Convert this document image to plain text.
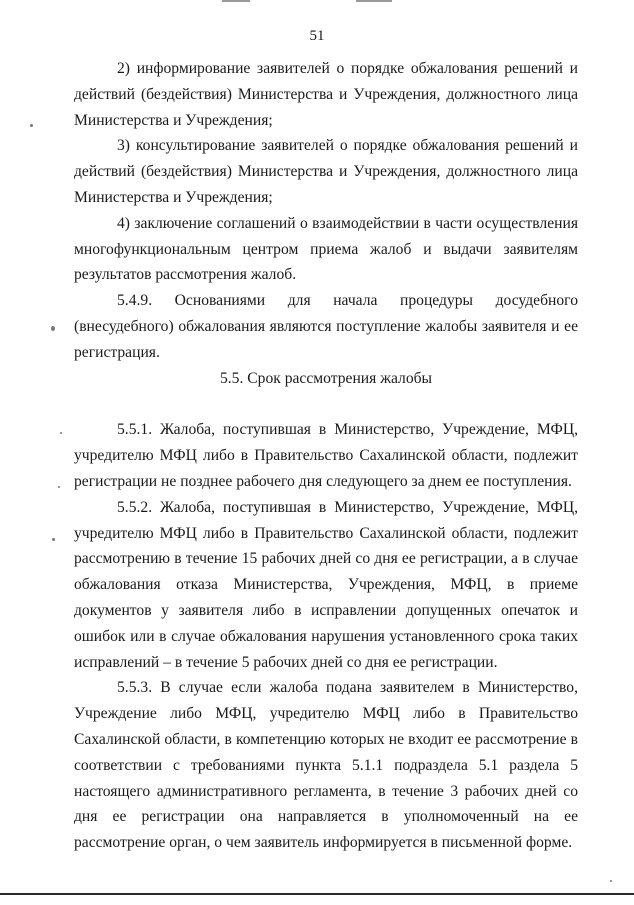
51

2) информирование заявителей о порядке обжалования решений и действий (бездействия) Министерства и Учреждения, должностного лица Министерства и Учреждения;

3) консультирование заявителей о порядке обжалования решений и действий (бездействия) Министерства и Учреждения, должностного лица Министерства и Учреждения;

4) заключение соглашений о взаимодействии в части осуществления многофункциональным центром приема жалоб и выдачи заявителям результатов рассмотрения жалоб.

5.4.9. Основаниями для начала процедуры досудебного (внесудебного) обжалования являются поступление жалобы заявителя и ее регистрация.

5.5. Срок рассмотрения жалобы

5.5.1. Жалоба, поступившая в Министерство, Учреждение, МФЦ, учредителю МФЦ либо в Правительство Сахалинской области, подлежит регистрации не позднее рабочего дня следующего за днем ее поступления.

5.5.2. Жалоба, поступившая в Министерство, Учреждение, МФЦ, учредителю МФЦ либо в Правительство Сахалинской области, подлежит рассмотрению в течение 15 рабочих дней со дня ее регистрации, а в случае обжалования отказа Министерства, Учреждения, МФЦ, в приеме документов у заявителя либо в исправлении допущенных опечаток и ошибок или в случае обжалования нарушения установленного срока таких исправлений – в течение 5 рабочих дней со дня ее регистрации.

5.5.3. В случае если жалоба подана заявителем в Министерство, Учреждение либо МФЦ, учредителю МФЦ либо в Правительство Сахалинской области, в компетенцию которых не входит ее рассмотрение в соответствии с требованиями пункта 5.1.1 подраздела 5.1 раздела 5 настоящего административного регламента, в течение 3 рабочих дней со дня ее регистрации она направляется в уполномоченный на ее рассмотрение орган, о чем заявитель информируется в письменной форме.
